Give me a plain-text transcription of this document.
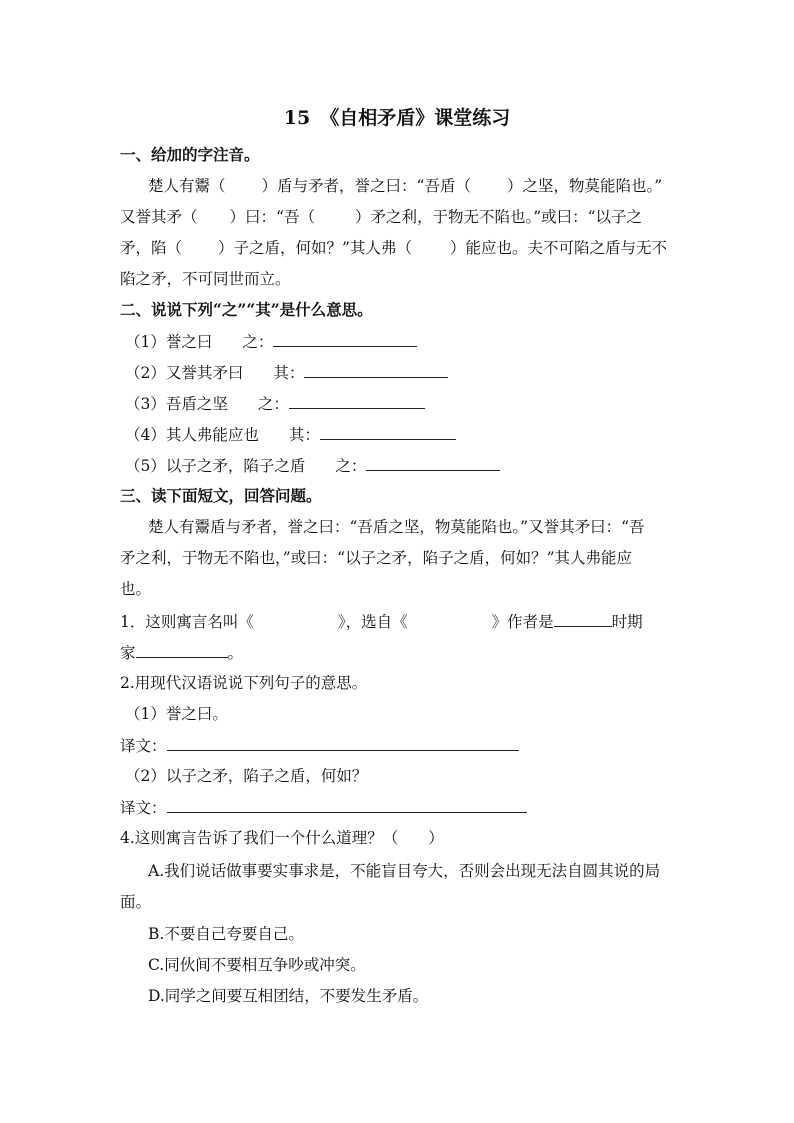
15 《自相矛盾》课堂练习
一、给加的字注音。
楚人有鬻（ ）盾与矛者，誉之曰：“吾盾（ ）之坚，物莫能陷也。”
又誉其矛（ ）曰：“吾（	）矛之利，于物无不陷也。”或曰：“以子之
矛，陷（ ）子之盾，何如？”其人弗（ ）能应也。夫不可陷之盾与无不
陷之矛，不可同世而立。
二、说说下列“之”“其”是什么意思。
（1）誉之曰 之：
（2）又誉其矛曰 其：
（3）吾盾之坚 之：
（4）其人弗能应也 其：
（5）以子之矛，陷子之盾 之：
三、读下面短文，回答问题。
楚人有鬻盾与矛者，誉之曰：“吾盾之坚，物莫能陷也。”又誉其矛曰：“吾
矛之利，于物无不陷也，”或曰：“以子之矛，陷子之盾，何如？”其人弗能应
也。
1．这则寓言名叫《	》，选自《	》作者是	时期
家	。
2.用现代汉语说说下列句子的意思。
（1）誉之曰。
译文：
（2）以子之矛，陷子之盾，何如？
译文：
4.这则寓言告诉了我们一个什么道理？（ ）
A.我们说话做事要实事求是，不能盲目夸大，否则会出现无法自圆其说的局
面。
B.不要自己夸要自己。
C.同伙间不要相互争吵或冲突。
D.同学之间要互相团结，不要发生矛盾。
